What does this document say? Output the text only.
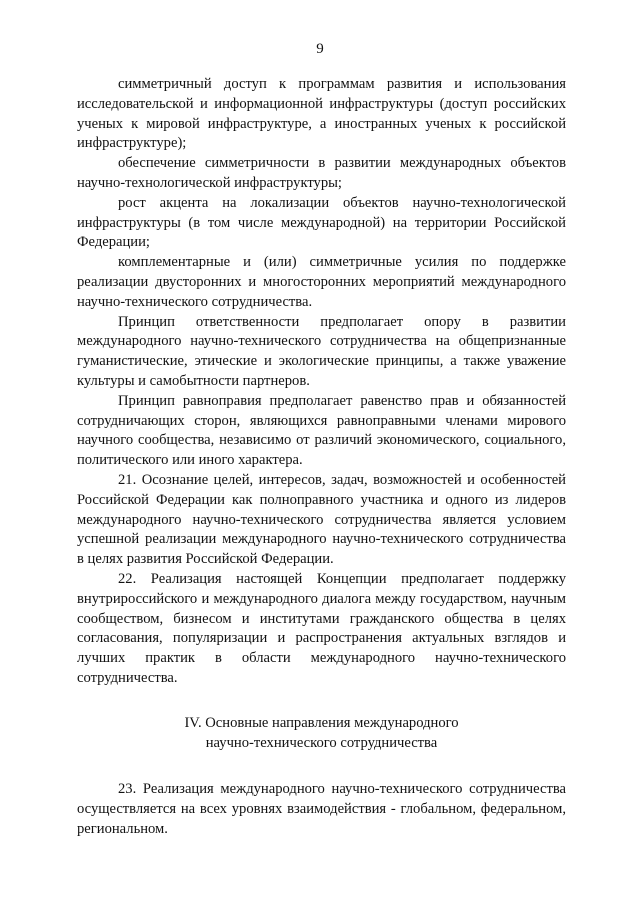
9

симметричный доступ к программам развития и использования исследовательской и информационной инфраструктуры (доступ российских ученых к мировой инфраструктуре, а иностранных ученых к российской инфраструктуре);

обеспечение симметричности в развитии международных объектов научно-технологической инфраструктуры;

рост акцента на локализации объектов научно-технологической инфраструктуры (в том числе международной) на территории Российской Федерации;

комплементарные и (или) симметричные усилия по поддержке реализации двусторонних и многосторонних мероприятий международного научно-технического сотрудничества.

Принцип ответственности предполагает опору в развитии международного научно-технического сотрудничества на общепризнанные гуманистические, этические и экологические принципы, а также уважение культуры и самобытности партнеров.

Принцип равноправия предполагает равенство прав и обязанностей сотрудничающих сторон, являющихся равноправными членами мирового научного сообщества, независимо от различий экономического, социального, политического или иного характера.

21. Осознание целей, интересов, задач, возможностей и особенностей Российской Федерации как полноправного участника и одного из лидеров международного научно-технического сотрудничества является условием успешной реализации международного научно-технического сотрудничества в целях развития Российской Федерации.

22. Реализация настоящей Концепции предполагает поддержку внутрироссийского и международного диалога между государством, научным сообществом, бизнесом и институтами гражданского общества в целях согласования, популяризации и распространения актуальных взглядов и лучших практик в области международного научно-технического сотрудничества.

IV. Основные направления международного
научно-технического сотрудничества

23. Реализация международного научно-технического сотрудничества осуществляется на всех уровнях взаимодействия - глобальном, федеральном, региональном.
